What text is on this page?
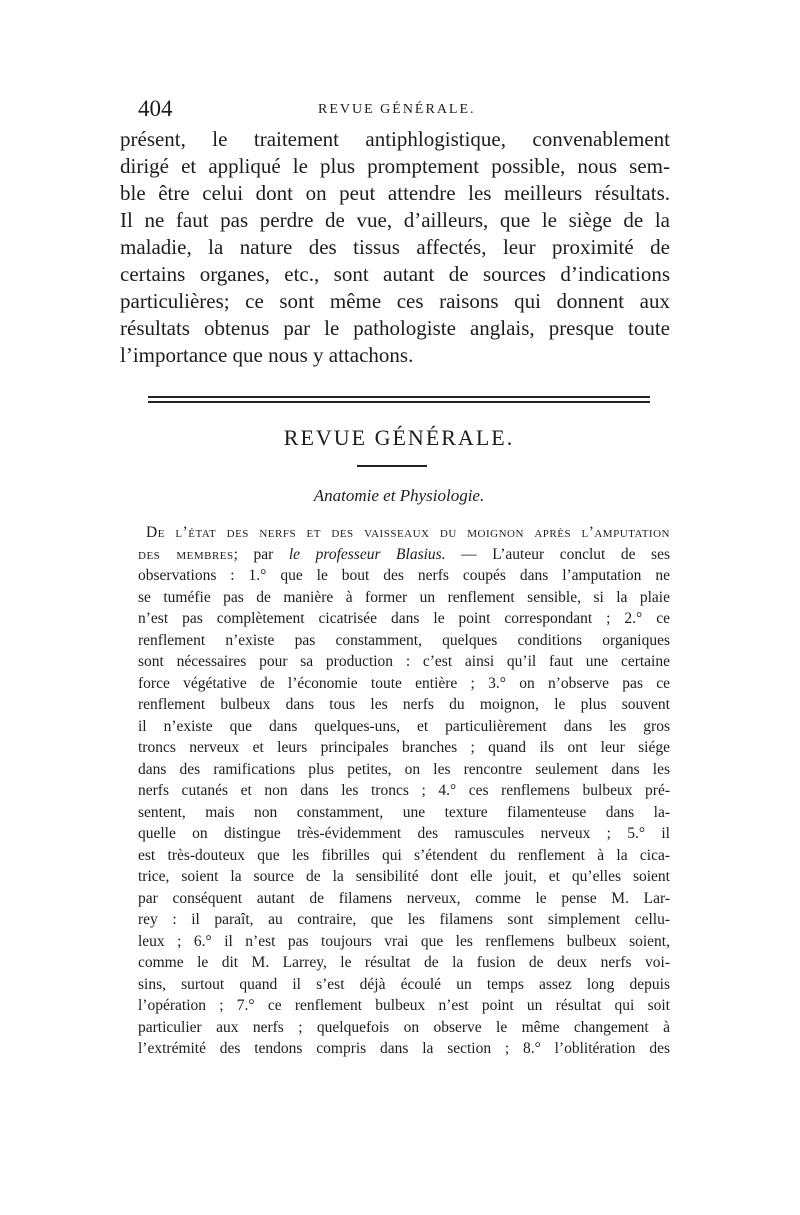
404	REVUE GÉNÉRALE.

présent, le traitement antiphlogistique, convenablement
dirigé et appliqué le plus promptement possible, nous sem-
ble être celui dont on peut attendre les meilleurs résultats.
Il ne faut pas perdre de vue, d’ailleurs, que le siège de la
maladie, la nature des tissus affectés, leur proximité de
certains organes, etc., sont autant de sources d’indications
particulières; ce sont même ces raisons qui donnent aux
résultats obtenus par le pathologiste anglais, presque toute
l’importance que nous y attachons.

REVUE GÉNÉRALE.
Anatomie et Physiologie.

De l’état des nerfs et des vaisseaux du moignon après l’amputation
des membres; par le professeur Blasius. — L’auteur conclut de ses
observations : 1.° que le bout des nerfs coupés dans l’amputation ne
se tuméfie pas de manière à former un renflement sensible, si la plaie
n’est pas complètement cicatrisée dans le point correspondant ; 2.° ce
renflement n’existe pas constamment, quelques conditions organiques
sont nécessaires pour sa production : c’est ainsi qu’il faut une certaine
force végétative de l’économie toute entière ; 3.° on n’observe pas ce
renflement bulbeux dans tous les nerfs du moignon, le plus souvent
il n’existe que dans quelques-uns, et particulièrement dans les gros
troncs nerveux et leurs principales branches ; quand ils ont leur siége
dans des ramifications plus petites, on les rencontre seulement dans les
nerfs cutanés et non dans les troncs ; 4.° ces renflemens bulbeux pré-
sentent, mais non constamment, une texture filamenteuse dans la-
quelle on distingue très-évidemment des ramuscules nerveux ; 5.° il
est très-douteux que les fibrilles qui s’étendent du renflement à la cica-
trice, soient la source de la sensibilité dont elle jouit, et qu’elles soient
par conséquent autant de filamens nerveux, comme le pense M. Lar-
rey : il paraît, au contraire, que les filamens sont simplement cellu-
leux ; 6.° il n’est pas toujours vrai que les renflemens bulbeux soient,
comme le dit M. Larrey, le résultat de la fusion de deux nerfs voi-
sins, surtout quand il s’est déjà écoulé un temps assez long depuis
l’opération ; 7.° ce renflement bulbeux n’est point un résultat qui soit
particulier aux nerfs ; quelquefois on observe le même changement à
l’extrémité des tendons compris dans la section ; 8.° l’oblitération des
